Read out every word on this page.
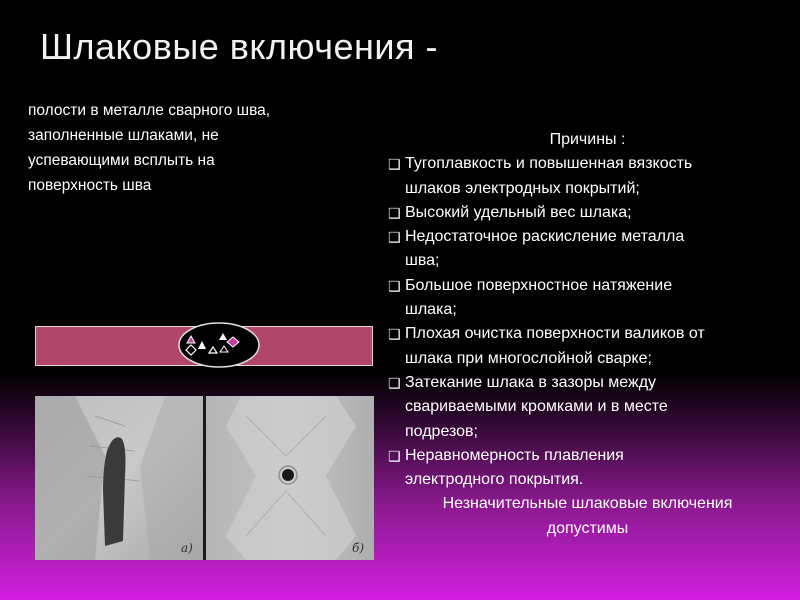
Шлаковые включения -
полости в металле сварного шва,
заполненные шлаками, не
успевающими всплыть на
поверхность шва
Причины :
❑ Тугоплавкость и повышенная вязкость
шлаков электродных покрытий;
❑ Высокий удельный вес шлака;
❑ Недостаточное раскисление металла
шва;
❑ Большое поверхностное натяжение
шлака;
❑ Плохая очистка поверхности валиков от
шлака при многослойной сварке;
❑ Затекание шлака в зазоры между
свариваемыми кромками и в месте
подрезов;
❑ Неравномерность плавления
электродного покрытия.
Незначительные шлаковые включения
допустимы
а)	б)
